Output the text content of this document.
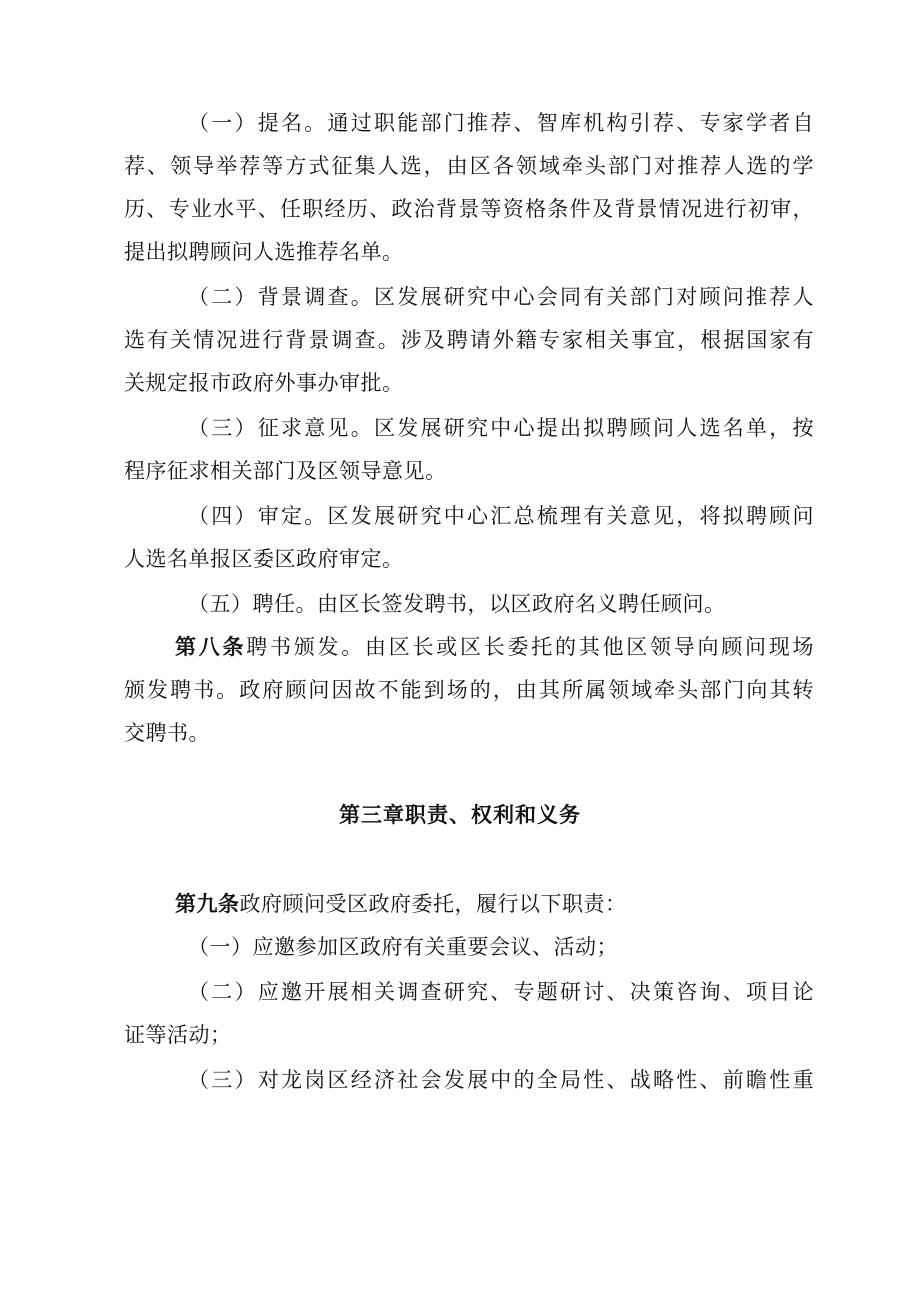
（一）提名。通过职能部门推荐、智库机构引荐、专家学者自
荐、领导举荐等方式征集人选，由区各领域牵头部门对推荐人选的学
历、专业水平、任职经历、政治背景等资格条件及背景情况进行初审，
提出拟聘顾问人选推荐名单。
（二）背景调查。区发展研究中心会同有关部门对顾问推荐人
选有关情况进行背景调查。涉及聘请外籍专家相关事宜，根据国家有
关规定报市政府外事办审批。
（三）征求意见。区发展研究中心提出拟聘顾问人选名单，按
程序征求相关部门及区领导意见。
（四）审定。区发展研究中心汇总梳理有关意见，将拟聘顾问
人选名单报区委区政府审定。
（五）聘任。由区长签发聘书，以区政府名义聘任顾问。
第八条聘书颁发。由区长或区长委托的其他区领导向顾问现场
颁发聘书。政府顾问因故不能到场的，由其所属领域牵头部门向其转
交聘书。
第三章职责、权利和义务
第九条政府顾问受区政府委托，履行以下职责：
（一）应邀参加区政府有关重要会议、活动；
（二）应邀开展相关调查研究、专题研讨、决策咨询、项目论
证等活动；
（三）对龙岗区经济社会发展中的全局性、战略性、前瞻性重
